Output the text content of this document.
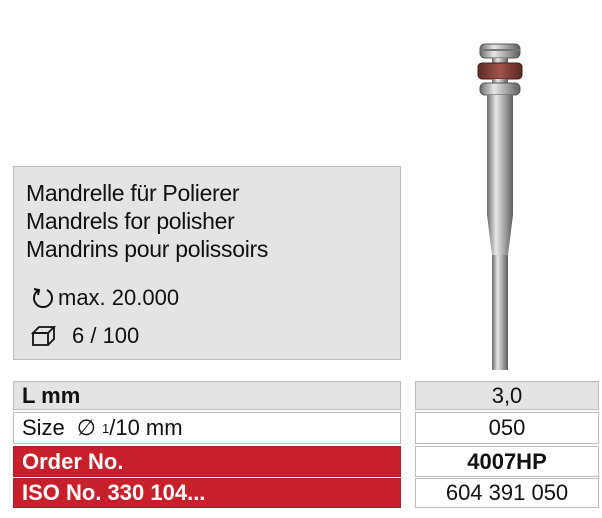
Mandrelle für Polierer
Mandrels for polisher
Mandrins pour polissoirs
max. 20.000
6 / 100
L mm	3,0
Size ∅ 1 / 10 mm	050
Order No.	4007HP
ISO No. 330 104...	604 391 050
